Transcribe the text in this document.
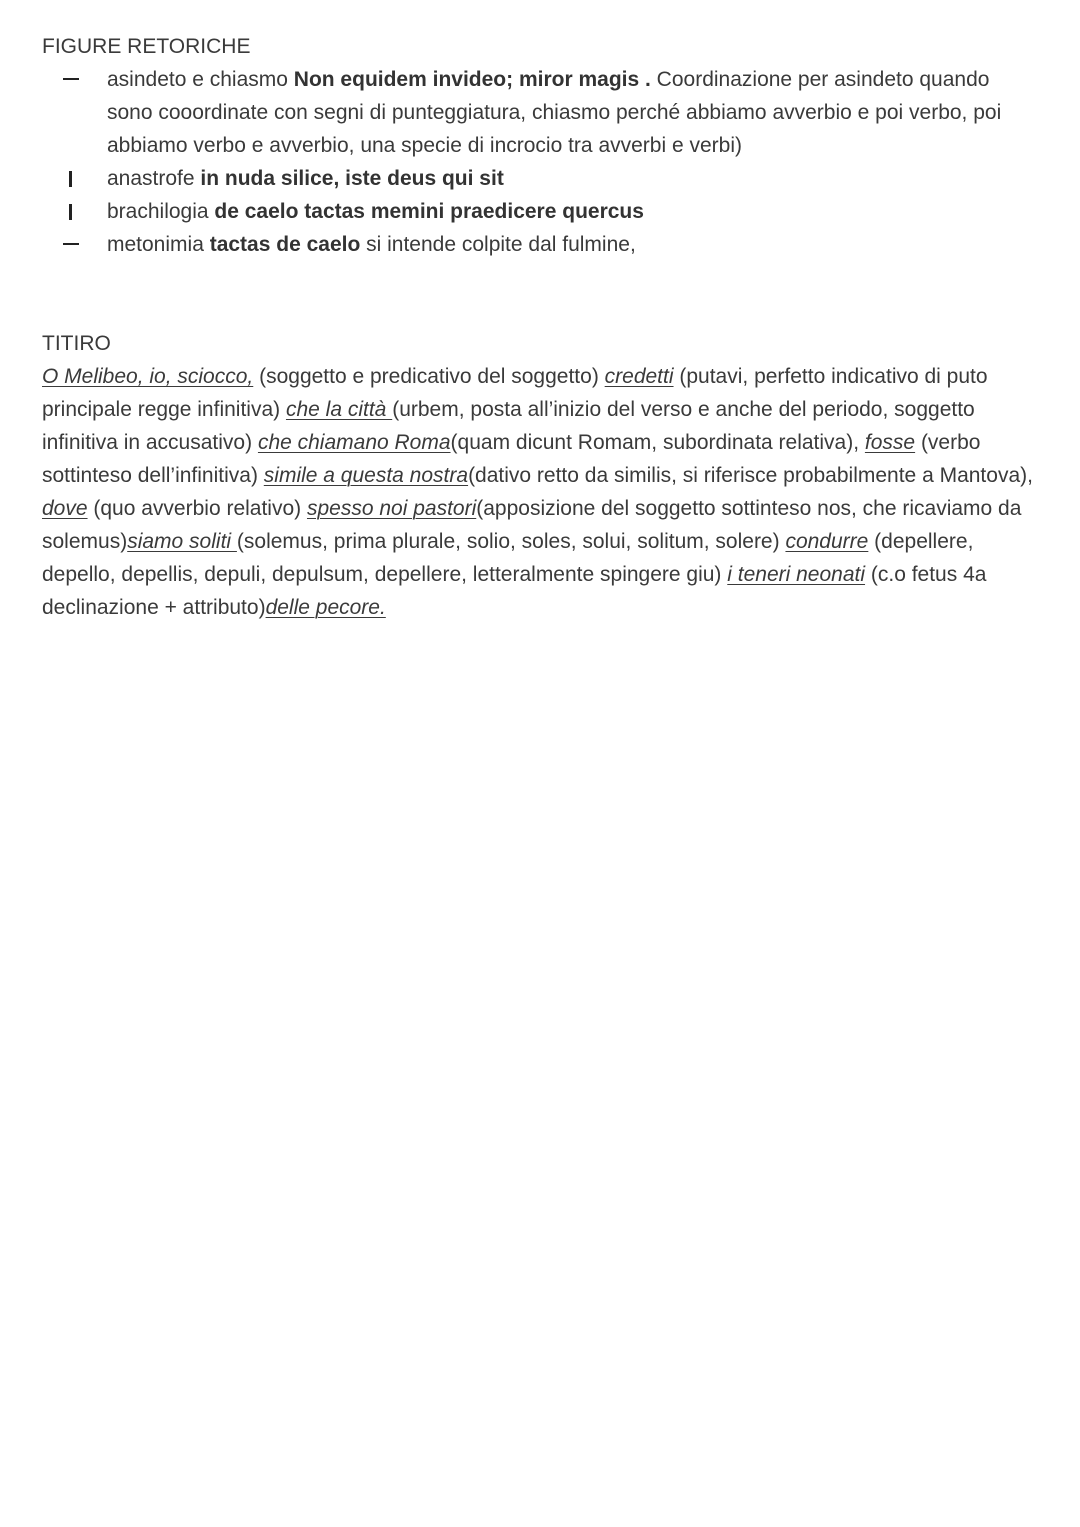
FIGURE RETORICHE
asindeto e chiasmo Non equidem invideo; miror magis . Coordinazione per asindeto quando sono cooordinate con segni di punteggiatura, chiasmo perché abbiamo avverbio e poi verbo, poi abbiamo verbo e avverbio, una specie di incrocio tra avverbi e verbi)
anastrofe in nuda silice, iste deus qui sit
brachilogia de caelo tactas memini praedicere quercus
metonimia tactas de caelo si intende colpite dal fulmine,
TITIRO

O Melibeo, io, sciocco, (soggetto e predicativo del soggetto) credetti (putavi, perfetto indicativo di puto principale regge infinitiva) che la città (urbem, posta all’inizio del verso e anche del periodo, soggetto infinitiva in accusativo) che chiamano Roma(quam dicunt Romam, subordinata relativa), fosse (verbo sottinteso dell’infinitiva) simile a questa nostra(dativo retto da similis, si riferisce probabilmente a Mantova), dove (quo avverbio relativo) spesso noi pastori(apposizione del soggetto sottinteso nos, che ricaviamo da solemus)siamo soliti (solemus, prima plurale, solio, soles, solui, solitum, solere) condurre (depellere, depello, depellis, depuli, depulsum, depellere, letteralmente spingere giu) i teneri neonati (c.o fetus 4a declinazione + attributo)delle pecore.
